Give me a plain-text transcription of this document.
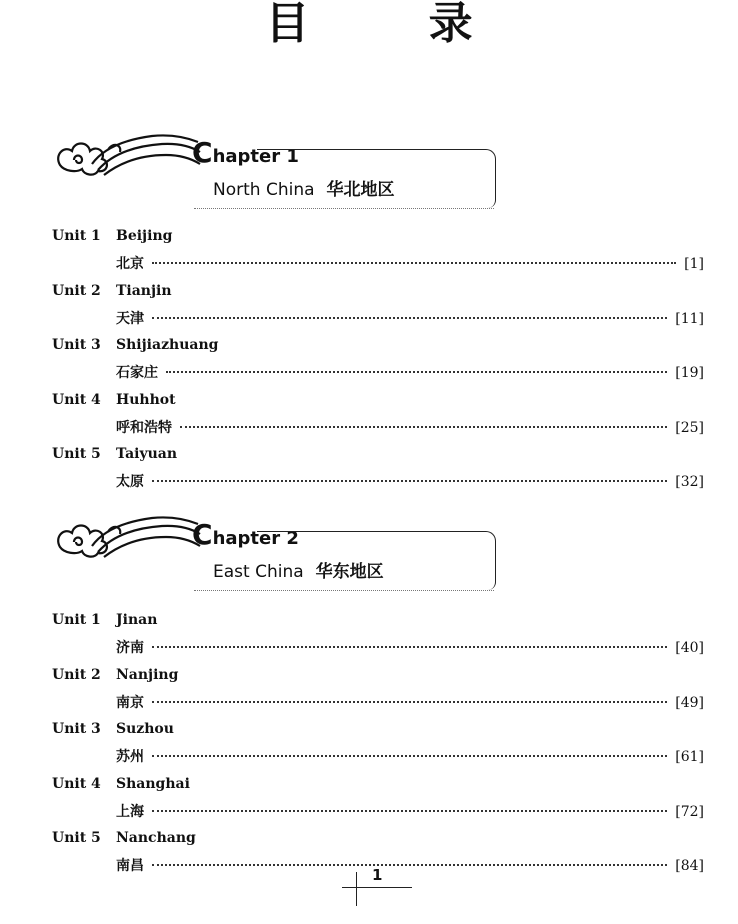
目 录
Chapter 1
North China 华北地区
Unit 1 Beijing
北京	[1]
Unit 2 Tianjin
天津	[11]
Unit 3 Shijiazhuang
石家庄	[19]
Unit 4 Huhhot
呼和浩特	[25]
Unit 5 Taiyuan
太原	[32]
Chapter 2
East China 华东地区
Unit 1 Jinan
济南	[40]
Unit 2 Nanjing
南京	[49]
Unit 3 Suzhou
苏州	[61]
Unit 4 Shanghai
上海	[72]
Unit 5 Nanchang
南昌	[84]
1
